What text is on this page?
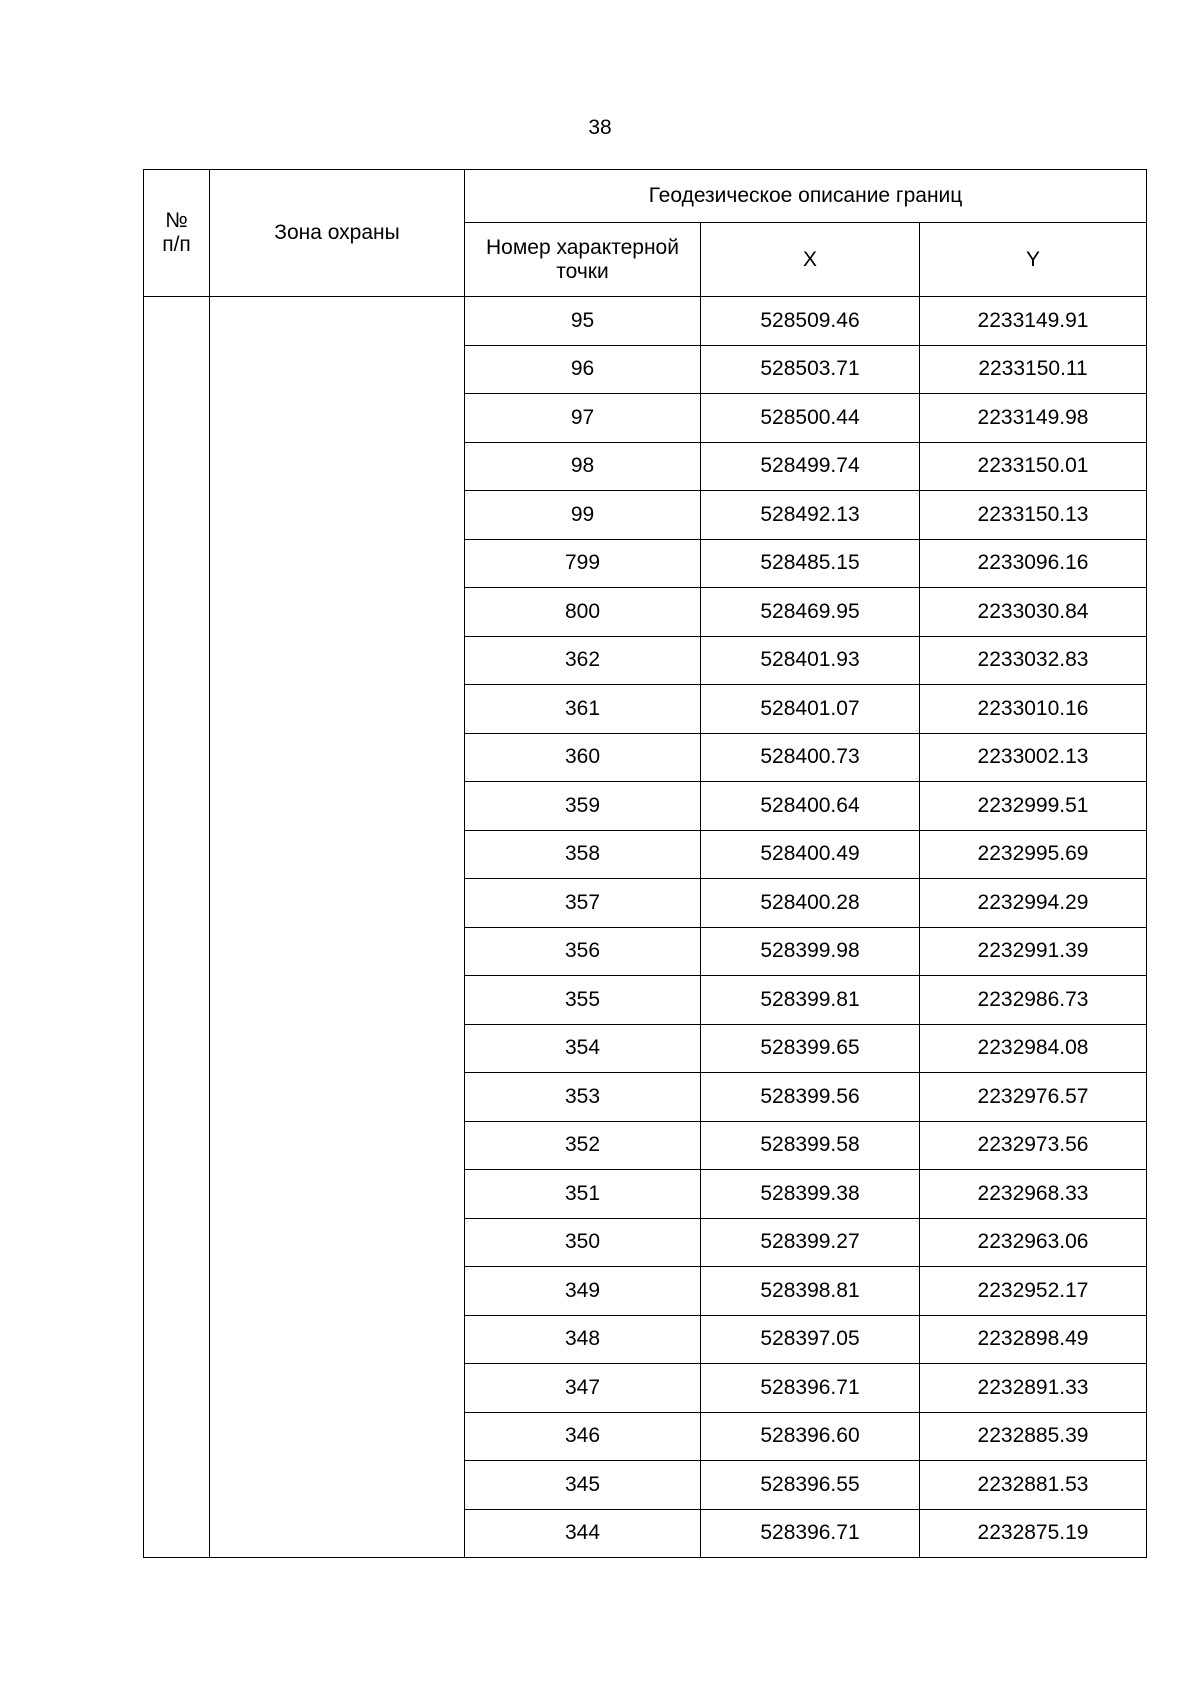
38
№
п/п	Зона охраны	Геодезическое описание границ		

		Номер характерной точки	X	Y
		95	528509.46	2233149.91
		96	528503.71	2233150.11
		97	528500.44	2233149.98
		98	528499.74	2233150.01
		99	528492.13	2233150.13
		799	528485.15	2233096.16
		800	528469.95	2233030.84
		362	528401.93	2233032.83
		361	528401.07	2233010.16
		360	528400.73	2233002.13
		359	528400.64	2232999.51
		358	528400.49	2232995.69
		357	528400.28	2232994.29
		356	528399.98	2232991.39
		355	528399.81	2232986.73
		354	528399.65	2232984.08
		353	528399.56	2232976.57
		352	528399.58	2232973.56
		351	528399.38	2232968.33
		350	528399.27	2232963.06
		349	528398.81	2232952.17
		348	528397.05	2232898.49
		347	528396.71	2232891.33
		346	528396.60	2232885.39
		345	528396.55	2232881.53
		344	528396.71	2232875.19
